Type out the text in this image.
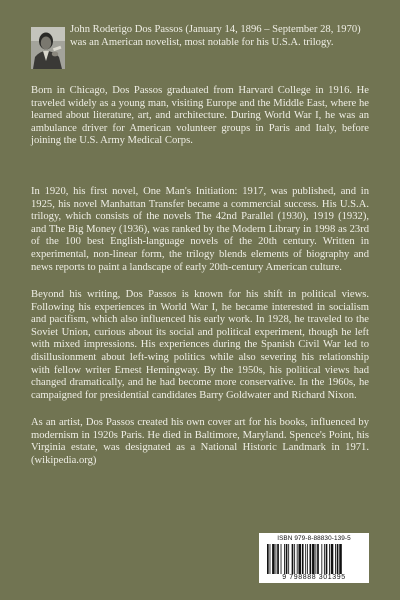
John Roderigo Dos Passos (January 14, 1896 – September 28, 1970) was an American novelist, most notable for his U.S.A. trilogy.

Born in Chicago, Dos Passos graduated from Harvard College in 1916. He traveled widely as a young man, visiting Europe and the Middle East, where he learned about literature, art, and architecture. During World War I, he was an ambulance driver for American volunteer groups in Paris and Italy, before joining the U.S. Army Medical Corps.

In 1920, his first novel, One Man's Initiation: 1917, was published, and in 1925, his novel Manhattan Transfer became a commercial success. His U.S.A. trilogy, which consists of the novels The 42nd Parallel (1930), 1919 (1932), and The Big Money (1936), was ranked by the Modern Library in 1998 as 23rd of the 100 best English-language novels of the 20th century. Written in experimental, non-linear form, the trilogy blends elements of biography and news reports to paint a landscape of early 20th-century American culture.

Beyond his writing, Dos Passos is known for his shift in political views. Following his experiences in World War I, he became interested in socialism and pacifism, which also influenced his early work. In 1928, he traveled to the Soviet Union, curious about its social and political experiment, though he left with mixed impressions. His experiences during the Spanish Civil War led to disillusionment about left-wing politics while also severing his relationship with fellow writer Ernest Hemingway. By the 1950s, his political views had changed dramatically, and he had become more conservative. In the 1960s, he campaigned for presidential candidates Barry Goldwater and Richard Nixon.

As an artist, Dos Passos created his own cover art for his books, influenced by modernism in 1920s Paris. He died in Baltimore, Maryland. Spence's Point, his Virginia estate, was designated as a National Historic Landmark in 1971. (wikipedia.org)

ISBN 979-8-88830-139-5
9 798888 301395
